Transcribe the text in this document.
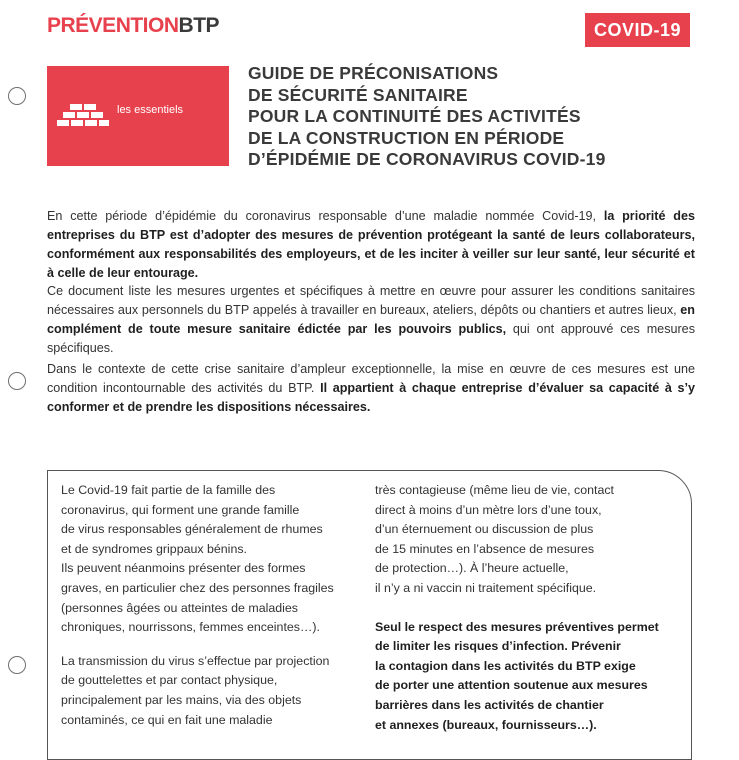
PRÉVENTIONBTP	COVID-19
les essentiels
GUIDE DE PRÉCONISATIONS
DE SÉCURITÉ SANITAIRE
POUR LA CONTINUITÉ DES ACTIVITÉS
DE LA CONSTRUCTION EN PÉRIODE
D’ÉPIDÉMIE DE CORONAVIRUS COVID-19
En cette période d’épidémie du coronavirus responsable d’une maladie nommée Covid-19, la priorité des entreprises du BTP est d’adopter des mesures de prévention protégeant la santé de leurs collaborateurs, conformément aux responsabilités des employeurs, et de les inciter à veiller sur leur santé, leur sécurité et à celle de leur entourage.
Ce document liste les mesures urgentes et spécifiques à mettre en œuvre pour assurer les conditions sanitaires nécessaires aux personnels du BTP appelés à travailler en bureaux, ateliers, dépôts ou chantiers et autres lieux, en complément de toute mesure sanitaire édictée par les pouvoirs publics, qui ont approuvé ces mesures spécifiques.
Dans le contexte de cette crise sanitaire d’ampleur exceptionnelle, la mise en œuvre de ces mesures est une condition incontournable des activités du BTP. Il appartient à chaque entreprise d’évaluer sa capacité à s’y conformer et de prendre les dispositions nécessaires.

Le Covid-19 fait partie de la famille des

coronavirus, qui forment une grande famille

de virus responsables généralement de rhumes

et de syndromes grippaux bénins.

Ils peuvent néanmoins présenter des formes

graves, en particulier chez des personnes fragiles

(personnes âgées ou atteintes de maladies

chroniques, nourrissons, femmes enceintes…).

La transmission du virus s’effectue par projection

de gouttelettes et par contact physique,

principalement par les mains, via des objets

contaminés, ce qui en fait une maladie

très contagieuse (même lieu de vie, contact

direct à moins d’un mètre lors d’une toux,

d’un éternuement ou discussion de plus

de 15 minutes en l’absence de mesures

de protection…). À l’heure actuelle,

il n’y a ni vaccin ni traitement spécifique.

Seul le respect des mesures préventives permet

de limiter les risques d’infection. Prévenir

la contagion dans les activités du BTP exige

de porter une attention soutenue aux mesures

barrières dans les activités de chantier

et annexes (bureaux, fournisseurs…).
